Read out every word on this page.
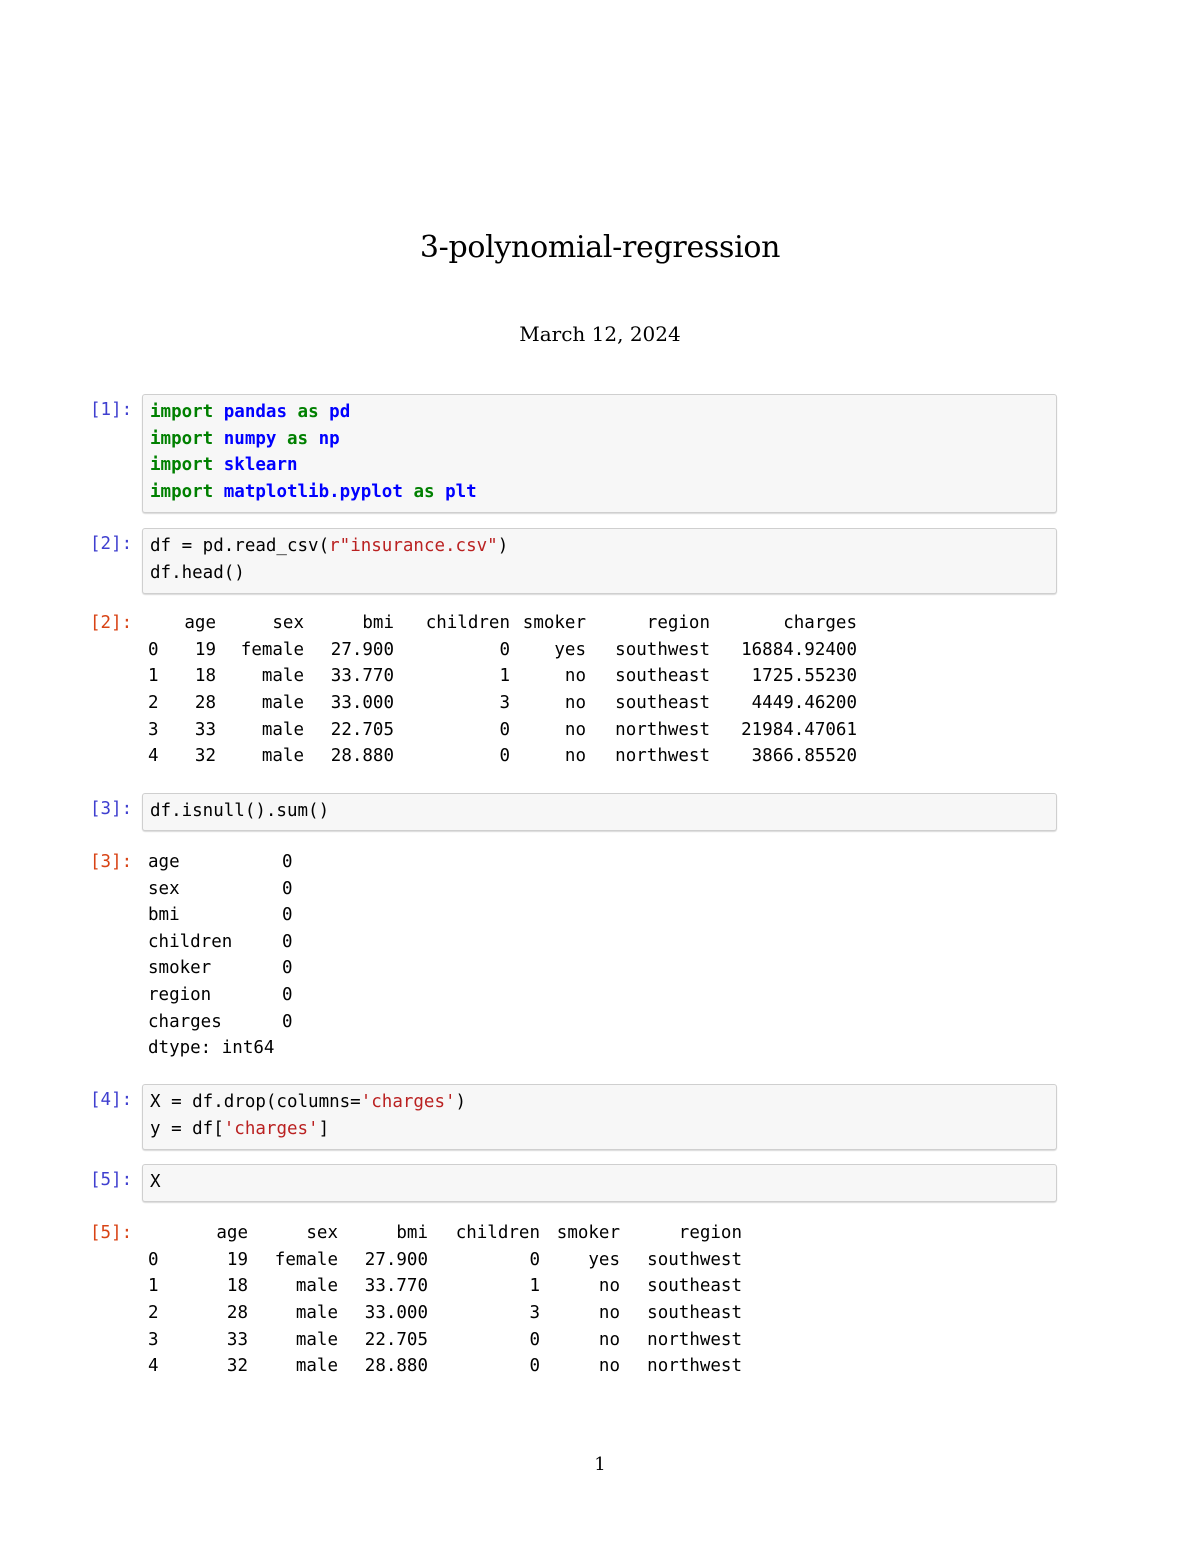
3-polynomial-regression
March 12, 2024
[1]:	import pandas as pd
import numpy as np
import sklearn
import matplotlib.pyplot as plt
[2]:	df = pd.read_csv(r"insurance.csv")
df.head()
[2]:
		age	sex	bmi	children	smoker	region	charges
0	19	female	27.900	0	yes	southwest	16884.92400
1	18	male	33.770	1	no	southeast	1725.55230
2	28	male	33.000	3	no	southeast	4449.46200
3	33	male	22.705	0	no	northwest	21984.47061
4	32	male	28.880	0	no	northwest	3866.85520
[3]:	df.isnull().sum()
[3]: age	0
sex	0
bmi	0
children	0
smoker	0
region	0
charges	0
dtype: int64
[4]:	X = df.drop(columns='charges')
y = df['charges']
[5]:	X
[5]:
		age	sex	bmi	children	smoker	region
0	19	female	27.900	0	yes	southwest
1	18	male	33.770	1	no	southeast
2	28	male	33.000	3	no	southeast
3	33	male	22.705	0	no	northwest
4	32	male	28.880	0	no	northwest
1
